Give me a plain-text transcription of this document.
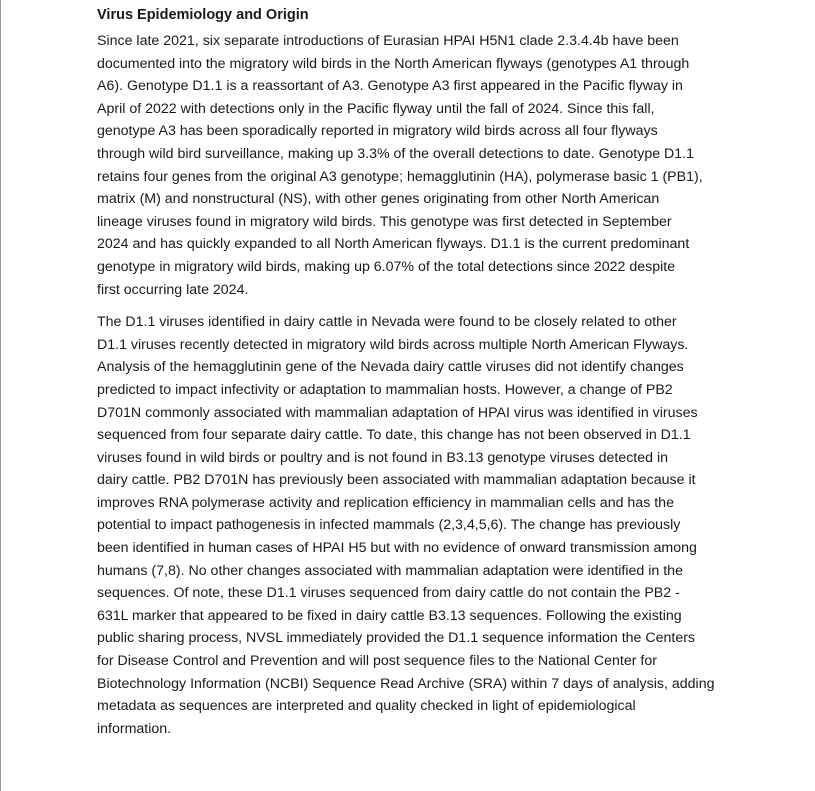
Virus Epidemiology and Origin
Since late 2021, six separate introductions of Eurasian HPAI H5N1 clade 2.3.4.4b have been
documented into the migratory wild birds in the North American flyways (genotypes A1 through
A6). Genotype D1.1 is a reassortant of A3. Genotype A3 first appeared in the Pacific flyway in
April of 2022 with detections only in the Pacific flyway until the fall of 2024. Since this fall,
genotype A3 has been sporadically reported in migratory wild birds across all four flyways
through wild bird surveillance, making up 3.3% of the overall detections to date. Genotype D1.1
retains four genes from the original A3 genotype; hemagglutinin (HA), polymerase basic 1 (PB1),
matrix (M) and nonstructural (NS), with other genes originating from other North American
lineage viruses found in migratory wild birds. This genotype was first detected in September
2024 and has quickly expanded to all North American flyways. D1.1 is the current predominant
genotype in migratory wild birds, making up 6.07% of the total detections since 2022 despite
first occurring late 2024.
The D1.1 viruses identified in dairy cattle in Nevada were found to be closely related to other
D1.1 viruses recently detected in migratory wild birds across multiple North American Flyways.
Analysis of the hemagglutinin gene of the Nevada dairy cattle viruses did not identify changes
predicted to impact infectivity or adaptation to mammalian hosts. However, a change of PB2
D701N commonly associated with mammalian adaptation of HPAI virus was identified in viruses
sequenced from four separate dairy cattle. To date, this change has not been observed in D1.1
viruses found in wild birds or poultry and is not found in B3.13 genotype viruses detected in
dairy cattle. PB2 D701N has previously been associated with mammalian adaptation because it
improves RNA polymerase activity and replication efficiency in mammalian cells and has the
potential to impact pathogenesis in infected mammals (2,3,4,5,6). The change has previously
been identified in human cases of HPAI H5 but with no evidence of onward transmission among
humans (7,8). No other changes associated with mammalian adaptation were identified in the
sequences. Of note, these D1.1 viruses sequenced from dairy cattle do not contain the PB2 -
631L marker that appeared to be fixed in dairy cattle B3.13 sequences. Following the existing
public sharing process, NVSL immediately provided the D1.1 sequence information the Centers
for Disease Control and Prevention and will post sequence files to the National Center for
Biotechnology Information (NCBI) Sequence Read Archive (SRA) within 7 days of analysis, adding
metadata as sequences are interpreted and quality checked in light of epidemiological
information.
